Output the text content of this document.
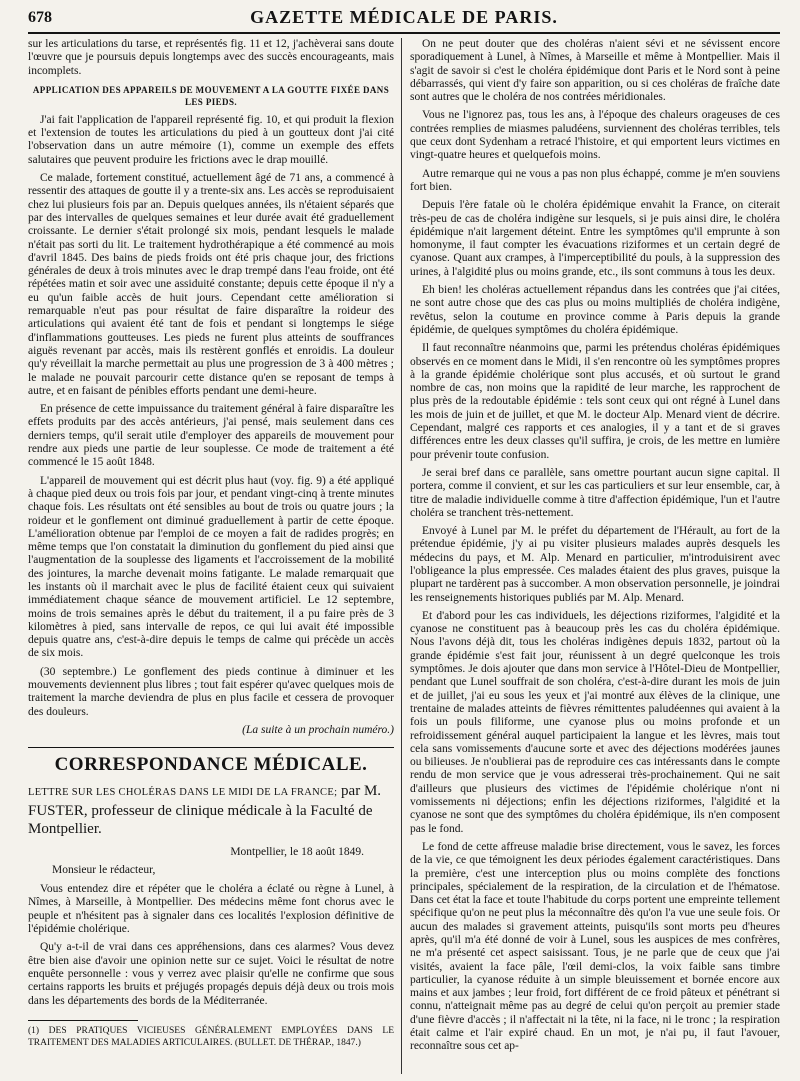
678	GAZETTE MÉDICALE DE PARIS.

sur les articulations du tarse, et représentés fig. 11 et 12, j'achèverai sans doute l'œuvre que je poursuis depuis longtemps avec des succès encourageants, mais incomplets.

APPLICATION DES APPAREILS DE MOUVEMENT A LA GOUTTE FIXÉE DANS LES PIEDS.

J'ai fait l'application de l'appareil représenté fig. 10, et qui produit la flexion et l'extension de toutes les articulations du pied à un goutteux dont j'ai cité l'observation dans un autre mémoire (1), comme un exemple des effets salutaires que peuvent produire les frictions avec le drap mouillé.

Ce malade, fortement constitué, actuellement âgé de 71 ans, a commencé à ressentir des attaques de goutte il y a trente-six ans. Les accès se reproduisaient chez lui plusieurs fois par an. Depuis quelques années, ils n'étaient séparés que par des intervalles de quelques semaines et leur durée avait été graduellement croissante. Le dernier s'était prolongé six mois, pendant lesquels le malade n'était pas sorti du lit. Le traitement hydrothérapique a été commencé au mois d'avril 1845. Des bains de pieds froids ont été pris chaque jour, des frictions générales de deux à trois minutes avec le drap trempé dans l'eau froide, ont été répétées matin et soir avec une assiduité constante; depuis cette époque il n'y a eu qu'un faible accès de huit jours. Cependant cette amélioration si remarquable n'eut pas pour résultat de faire disparaître la roideur des articulations qui avaient été tant de fois et pendant si longtemps le siége d'inflammations goutteuses. Les pieds ne furent plus atteints de souffrances aiguës revenant par accès, mais ils restèrent gonflés et enroidis. La douleur qu'y réveillait la marche permettait au plus une progression de 3 à 400 mètres ; le malade ne pouvait parcourir cette distance qu'en se reposant de temps à autre, et en faisant de pénibles efforts pendant une demi-heure.

En présence de cette impuissance du traitement général à faire disparaître les effets produits par des accès antérieurs, j'ai pensé, mais seulement dans ces derniers temps, qu'il serait utile d'employer des appareils de mouvement pour rendre aux pieds une partie de leur souplesse. Ce mode de traitement a été commencé le 15 août 1848.

L'appareil de mouvement qui est décrit plus haut (voy. fig. 9) a été appliqué à chaque pied deux ou trois fois par jour, et pendant vingt-cinq à trente minutes chaque fois. Les résultats ont été sensibles au bout de trois ou quatre jours ; la roideur et le gonflement ont diminué graduellement à partir de cette époque. L'amélioration obtenue par l'emploi de ce moyen a fait de radides progrès; en même temps que l'on constatait la diminution du gonflement du pied ainsi que l'augmentation de la souplesse des ligaments et l'accroissement de la mobilité des jointures, la marche devenait moins fatigante. Le malade remarquait que les instants où il marchait avec le plus de facilité étaient ceux qui suivaient immédiatement chaque séance de mouvement artificiel. Le 12 septembre, moins de trois semaines après le début du traitement, il a pu faire près de 3 kilomètres à pied, sans intervalle de repos, ce qui lui avait été impossible depuis quatre ans, c'est-à-dire depuis le temps de calme qui précède un accès de six mois.

(30 septembre.) Le gonflement des pieds continue à diminuer et les mouvements deviennent plus libres ; tout fait espérer qu'avec quelques mois de traitement la marche deviendra de plus en plus facile et cessera de provoquer des douleurs.

(La suite à un prochain numéro.)

CORRESPONDANCE MÉDICALE.

LETTRE SUR LES CHOLÉRAS DANS LE MIDI DE LA FRANCE; par M. FUSTER, professeur de clinique médicale à la Faculté de Montpellier.

Montpellier, le 18 août 1849.

Monsieur le rédacteur,

Vous entendez dire et répéter que le choléra a éclaté ou règne à Lunel, à Nîmes, à Marseille, à Montpellier. Des médecins même font chorus avec le peuple et n'hésitent pas à signaler dans ces localités l'explosion définitive de l'épidémie cholérique.

Qu'y a-t-il de vrai dans ces appréhensions, dans ces alarmes? Vous devez être bien aise d'avoir une opinion nette sur ce sujet. Voici le résultat de notre enquête personnelle : vous y verrez avec plaisir qu'elle ne confirme que sous certains rapports les bruits et préjugés propagés depuis déjà deux ou trois mois dans les départements des bords de la Méditerranée.

(1) DES PRATIQUES VICIEUSES GÉNÉRALEMENT EMPLOYÉES DANS LE TRAITEMENT DES MALADIES ARTICULAIRES. (BULLET. DE THÉRAP., 1847.)

On ne peut douter que des choléras n'aient sévi et ne sévissent encore sporadiquement à Lunel, à Nîmes, à Marseille et même à Montpellier. Mais il s'agit de savoir si c'est le choléra épidémique dont Paris et le Nord sont à peine débarrassés, qui vient d'y faire son apparition, ou si ces choléras de fraîche date sont autres que le choléra de nos contrées méridionales.

Vous ne l'ignorez pas, tous les ans, à l'époque des chaleurs orageuses de ces contrées remplies de miasmes paludéens, surviennent des choléras terribles, tels que ceux dont Sydenham a retracé l'histoire, et qui emportent leurs victimes en vingt-quatre heures et quelquefois moins.

Autre remarque qui ne vous a pas non plus échappé, comme je m'en souviens fort bien.

Depuis l'ère fatale où le choléra épidémique envahit la France, on citerait très-peu de cas de choléra indigène sur lesquels, si je puis ainsi dire, le choléra épidémique n'ait largement déteint. Entre les symptômes qu'il emprunte à son homonyme, il faut compter les évacuations riziformes et un certain degré de cyanose. Quant aux crampes, à l'imperceptibilité du pouls, à la suppression des urines, à l'algidité plus ou moins grande, etc., ils sont communs à tous les deux.

Eh bien! les choléras actuellement répandus dans les contrées que j'ai citées, ne sont autre chose que des cas plus ou moins multipliés de choléra indigène, revêtus, selon la coutume en province comme à Paris depuis la grande épidémie, de quelques symptômes du choléra épidémique.

Il faut reconnaître néanmoins que, parmi les prétendus choléras épidémiques observés en ce moment dans le Midi, il s'en rencontre où les symptômes propres à la grande épidémie cholérique sont plus accusés, et où surtout le grand nombre de cas, non moins que la rapidité de leur marche, les rapprochent de plus près de la redoutable épidémie : tels sont ceux qui ont régné à Lunel dans les mois de juin et de juillet, et que M. le docteur Alp. Menard vient de décrire. Cependant, malgré ces rapports et ces analogies, il y a tant et de si graves différences entre les deux classes qu'il suffira, je crois, de les mettre en lumière pour prévenir toute confusion.

Je serai bref dans ce parallèle, sans omettre pourtant aucun signe capital. Il portera, comme il convient, et sur les cas particuliers et sur leur ensemble, car, à titre de maladie individuelle comme à titre d'affection épidémique, l'un et l'autre choléra se tranchent très-nettement.

Envoyé à Lunel par M. le préfet du département de l'Hérault, au fort de la prétendue épidémie, j'y ai pu visiter plusieurs malades auprès desquels les médecins du pays, et M. Alp. Menard en particulier, m'introduisirent avec l'obligeance la plus empressée. Ces malades étaient des plus graves, puisque la plupart ne tardèrent pas à succomber. A mon observation personnelle, je joindrai les renseignements historiques publiés par M. Alp. Menard.

Et d'abord pour les cas individuels, les déjections riziformes, l'algidité et la cyanose ne constituent pas à beaucoup près les cas du choléra épidémique. Nous l'avons déjà dit, tous les choléras indigènes depuis 1832, partout où la grande épidémie s'est fait jour, réunissent à un degré quelconque les trois symptômes. Je dois ajouter que dans mon service à l'Hôtel-Dieu de Montpellier, pendant que Lunel souffrait de son choléra, c'est-à-dire durant les mois de juin et de juillet, j'ai eu sous les yeux et j'ai montré aux élèves de la clinique, une trentaine de malades atteints de fièvres rémittentes paludéennes qui avaient à la fois un pouls filiforme, une cyanose plus ou moins profonde et un refroidissement général auquel participaient la langue et les lèvres, mais tout cela sans vomissements d'aucune sorte et avec des déjections modérées jaunes ou bilieuses. Je n'oublierai pas de reproduire ces cas intéressants dans le compte rendu de mon service que je vous adresserai très-prochainement. Qui ne sait d'ailleurs que plusieurs des victimes de l'épidémie cholérique n'ont ni vomissements ni déjections; enfin les déjections riziformes, l'algidité et la cyanose ne sont que des symptômes du choléra épidémique, ils n'en composent pas le fond.

Le fond de cette affreuse maladie brise directement, vous le savez, les forces de la vie, ce que témoignent les deux périodes également caractéristiques. Dans la première, c'est une interception plus ou moins complète des fonctions principales, spécialement de la respiration, de la circulation et de l'hématose. Dans cet état la face et toute l'habitude du corps portent une empreinte tellement spécifique qu'on ne peut plus la méconnaître dès qu'on l'a vue une seule fois. Or aucun des malades si gravement atteints, puisqu'ils sont morts peu d'heures après, qu'il m'a été donné de voir à Lunel, sous les auspices de mes confrères, ne m'a présenté cet aspect saisissant. Tous, je ne parle que de ceux que j'ai visités, avaient la face pâle, l'œil demi-clos, la voix faible sans timbre particulier, la cyanose réduite à un simple bleuissement et bornée encore aux mains et aux jambes ; leur froid, fort différent de ce froid pâteux et pénétrant si connu, n'atteignait même pas au degré de celui qu'on perçoit au premier stade d'une fièvre d'accès ; il n'affectait ni la tête, ni la face, ni le tronc ; la respiration était calme et l'air expiré chaud. En un mot, je n'ai pu, il faut l'avouer, reconnaître sous cet ap-
